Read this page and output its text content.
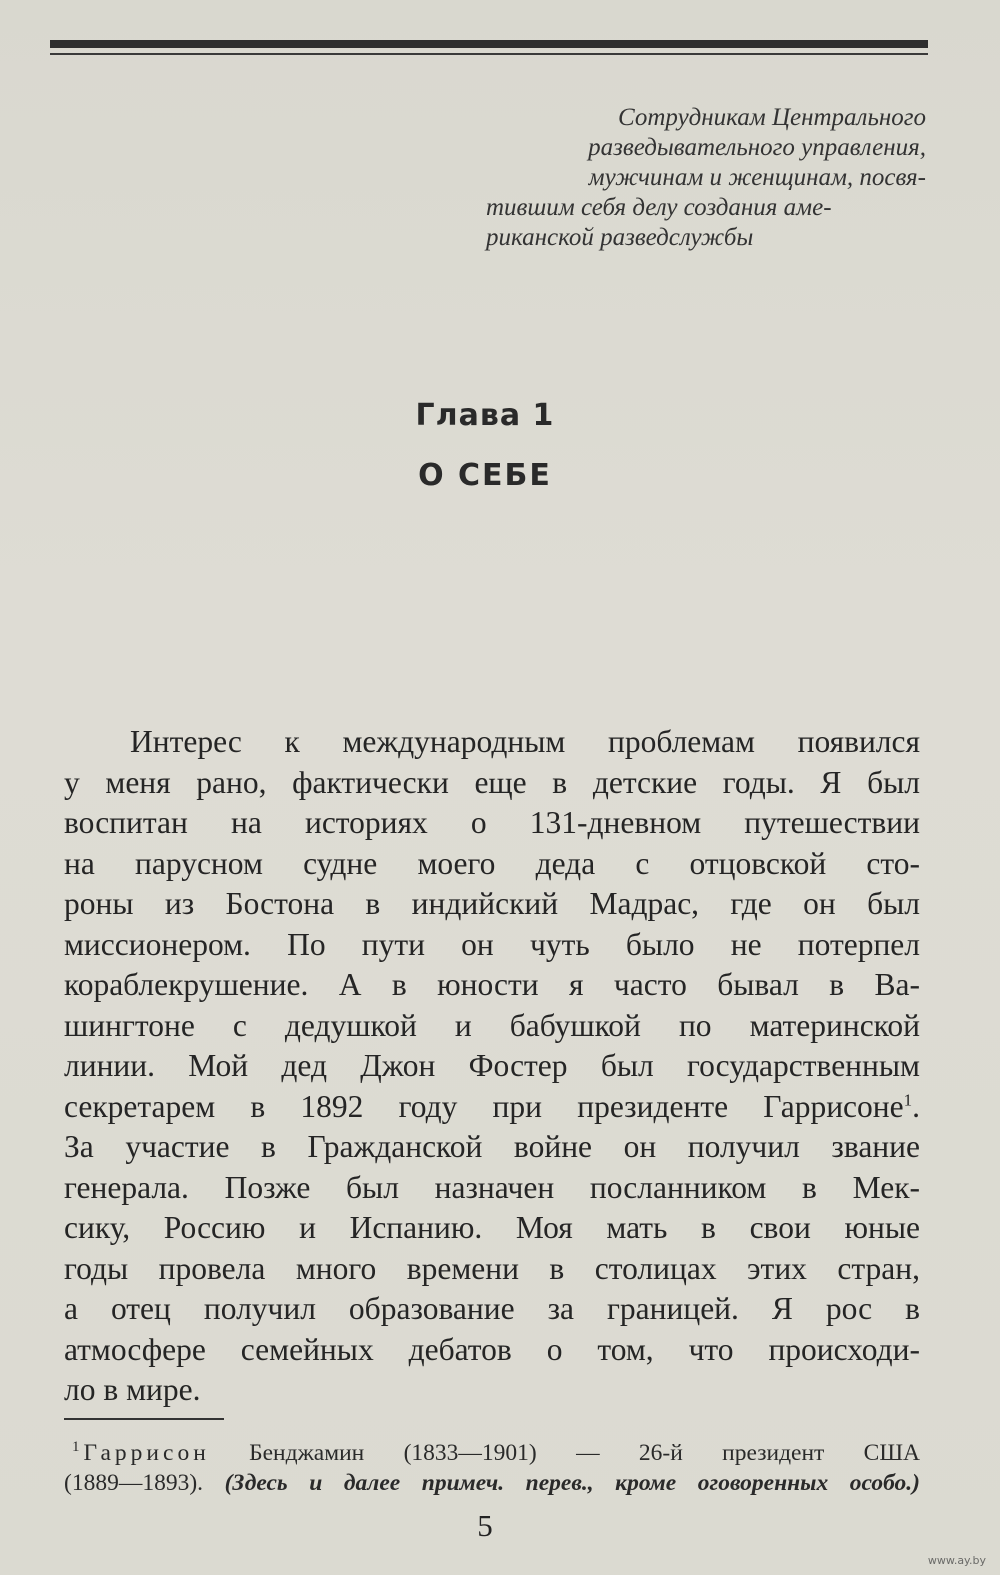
Сотрудникам Центрального
разведывательного управления,
мужчинам и женщинам, посвя-
тившим себя делу создания аме-
риканской разведслужбы
Глава 1
О СЕБЕ
Интерес к международным проблемам появился
у меня рано, фактически еще в детские годы. Я был
воспитан на историях о 131-дневном путешествии
на парусном судне моего деда с отцовской сто-
роны из Бостона в индийский Мадрас, где он был
миссионером. По пути он чуть было не потерпел
кораблекрушение. А в юности я часто бывал в Ва-
шингтоне с дедушкой и бабушкой по материнской
линии. Мой дед Джон Фостер был государственным
секретарем в 1892 году при президенте Гаррисоне$^1$.
За участие в Гражданской войне он получил звание
генерала. Позже был назначен посланником в Мек-
сику, Россию и Испанию. Моя мать в свои юные
годы провела много времени в столицах этих стран,
а отец получил образование за границей. Я рос в
атмосфере семейных дебатов о том, что происходи-
ло в мире.
$^1$ Гаррисон Бенджамин (1833—1901) — 26-й президент США
(1889—1893). (Здесь и далее примеч. перев., кроме оговоренных особо.)
5
www.ay.by
